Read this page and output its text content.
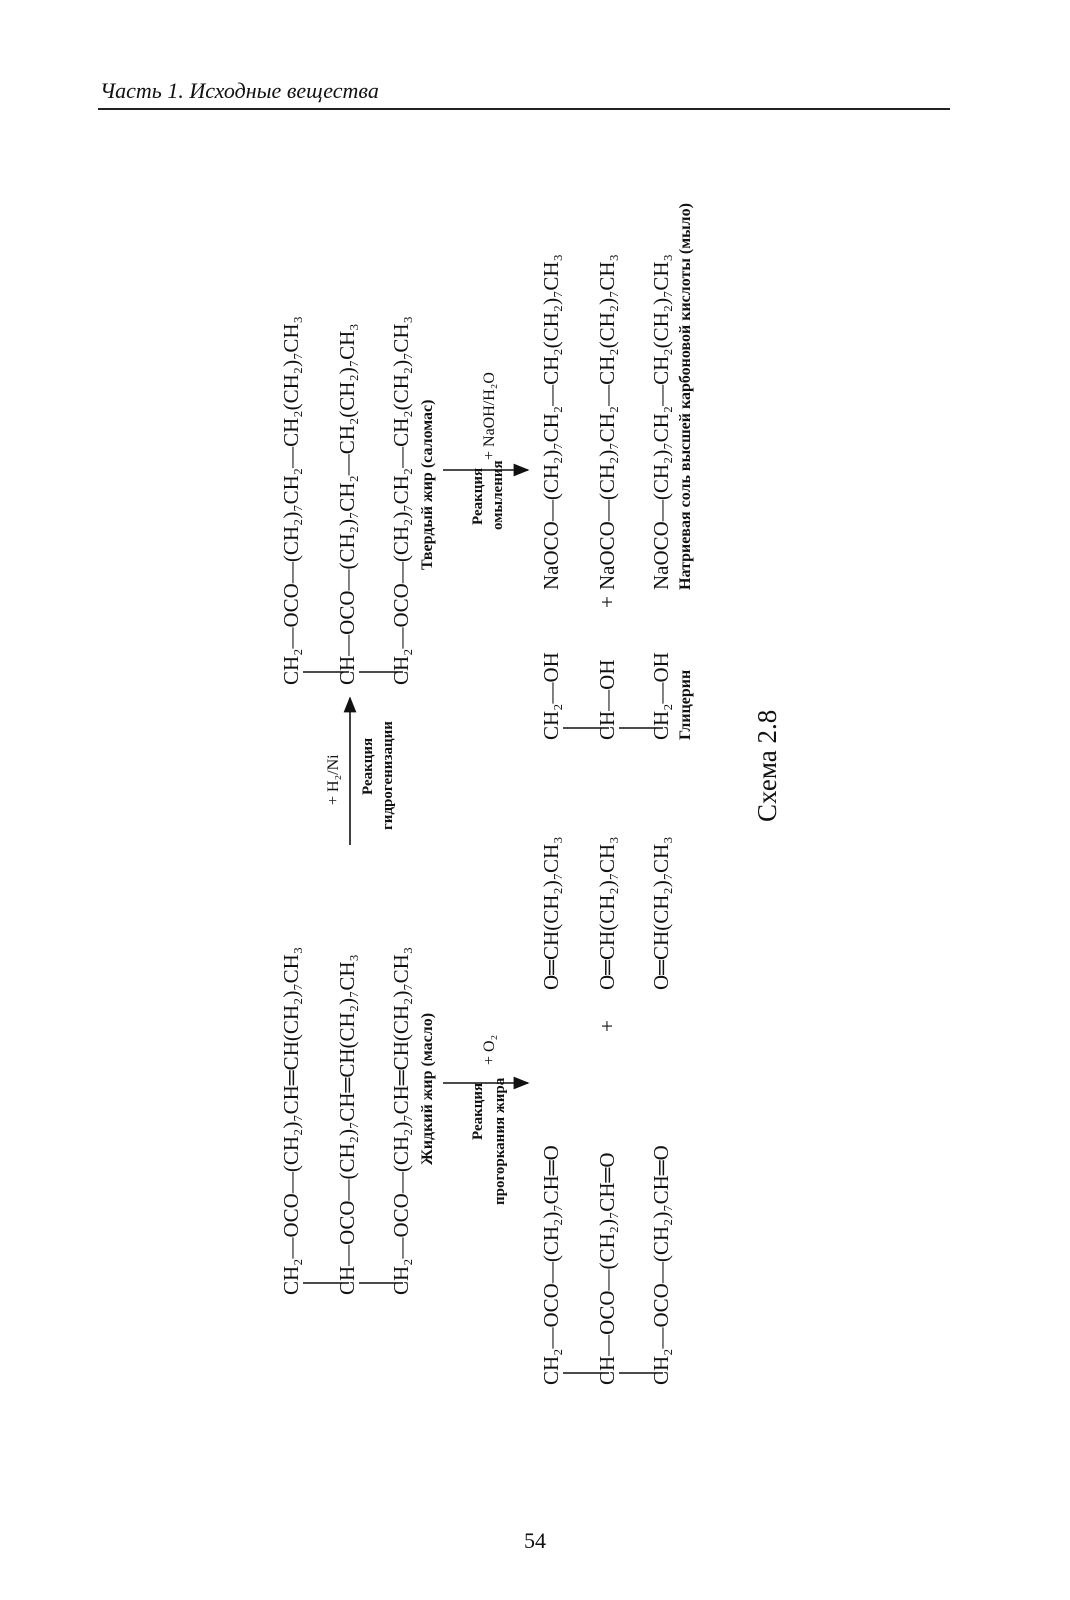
Часть 1. Исходные вещества
CH₂—OCO—(CH₂)₇CH═CH(CH₂)₇CH₃ CH—OCO—(CH₂)₇CH═CH(CH₂)₇CH₃ CH₂—OCO—(CH₂)₇CH═CH(CH₂)₇CH₃ Жидкий жир (масло)
+ H₂/Ni Реакция гидрогенизации
CH₂—OCO—(CH₂)₇CH₂—CH₂(CH₂)₇CH₃ CH—OCO—(CH₂)₇CH₂—CH₂(CH₂)₇CH₃ CH₂—OCO—(CH₂)₇CH₂—CH₂(CH₂)₇CH₃ Твердый жир (саломас)
Реакция прогоркания жира
+ O₂
Реакция омыления
+ NaOH/H₂O
CH₂—OCO—(CH₂)₇CH═O CH—OCO—(CH₂)₇CH═O CH₂—OCO—(CH₂)₇CH═O
+
O═CH(CH₂)₇CH₃ O═CH(CH₂)₇CH₃ O═CH(CH₂)₇CH₃
CH₂—OH CH—OH CH₂—OH Глицерин
+
NaOCO—(CH₂)₇CH₂—CH₂(CH₂)₇CH₃ NaOCO—(CH₂)₇CH₂—CH₂(CH₂)₇CH₃ NaOCO—(CH₂)₇CH₂—CH₂(CH₂)₇CH₃ Натриевая соль высшей карбоновой кислоты (мыло)
Схема 2.8
54
